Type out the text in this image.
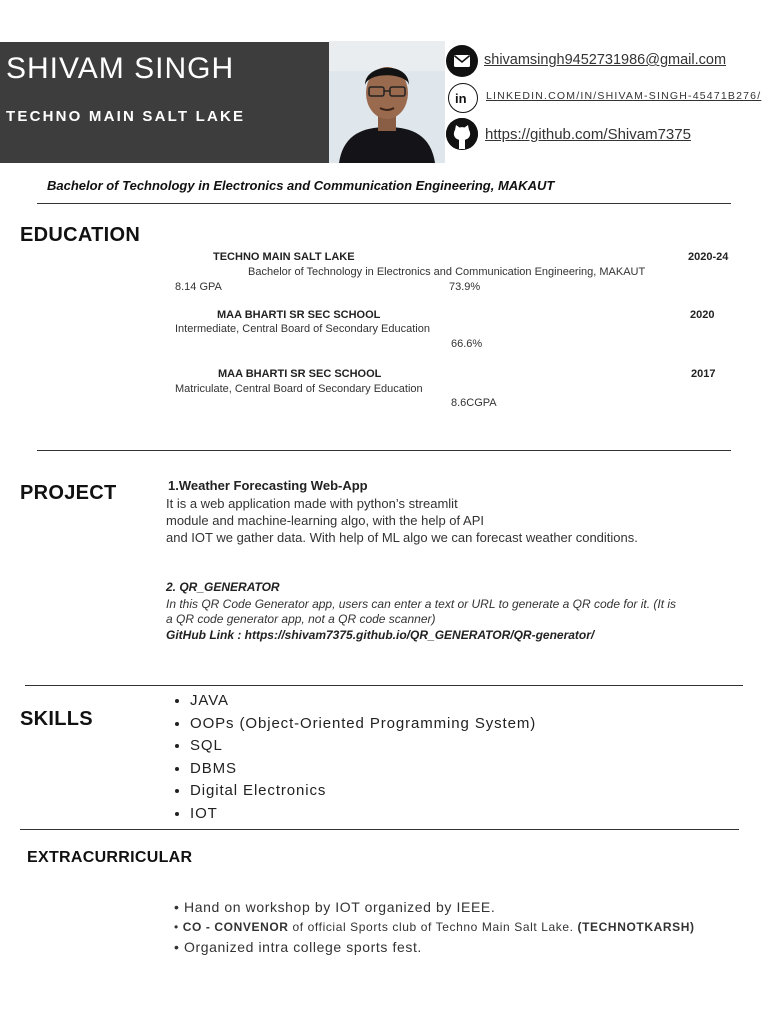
SHIVAM SINGH
TECHNO MAIN SALT LAKE
shivamsingh9452731986@gmail.com
in LINKEDIN.COM/IN/SHIVAM-SINGH-45471B276/
https://github.com/Shivam7375
Bachelor of Technology in Electronics and Communication Engineering, MAKAUT
EDUCATION
TECHNO MAIN SALT LAKE	2020-24
Bachelor of Technology in Electronics and Communication Engineering, MAKAUT
8.14 GPA	73.9%
MAA BHARTI SR SEC SCHOOL	2020
Intermediate, Central Board of Secondary Education
66.6%
MAA BHARTI SR SEC SCHOOL	2017
Matriculate, Central Board of Secondary Education
8.6CGPA
PROJECT	1.Weather Forecasting Web-App
It is a web application made with python’s streamlit
module and machine-learning algo, with the help of API
and IOT we gather data. With help of ML algo we can forecast weather conditions.
2. QR_GENERATOR
In this QR Code Generator app, users can enter a text or URL to generate a QR code for it. (It is
a QR code generator app, not a QR code scanner)
GitHub Link : https://shivam7375.github.io/QR_GENERATOR/QR-generator/
SKILLS
• JAVA
• OOPs (Object-Oriented Programming System)
• SQL
• DBMS
• Digital Electronics
• IOT
EXTRACURRICULAR
• Hand on workshop by IOT organized by IEEE.
• CO - CONVENOR of official Sports club of Techno Main Salt Lake. (TECHNOTKARSH)
• Organized intra college sports fest.
